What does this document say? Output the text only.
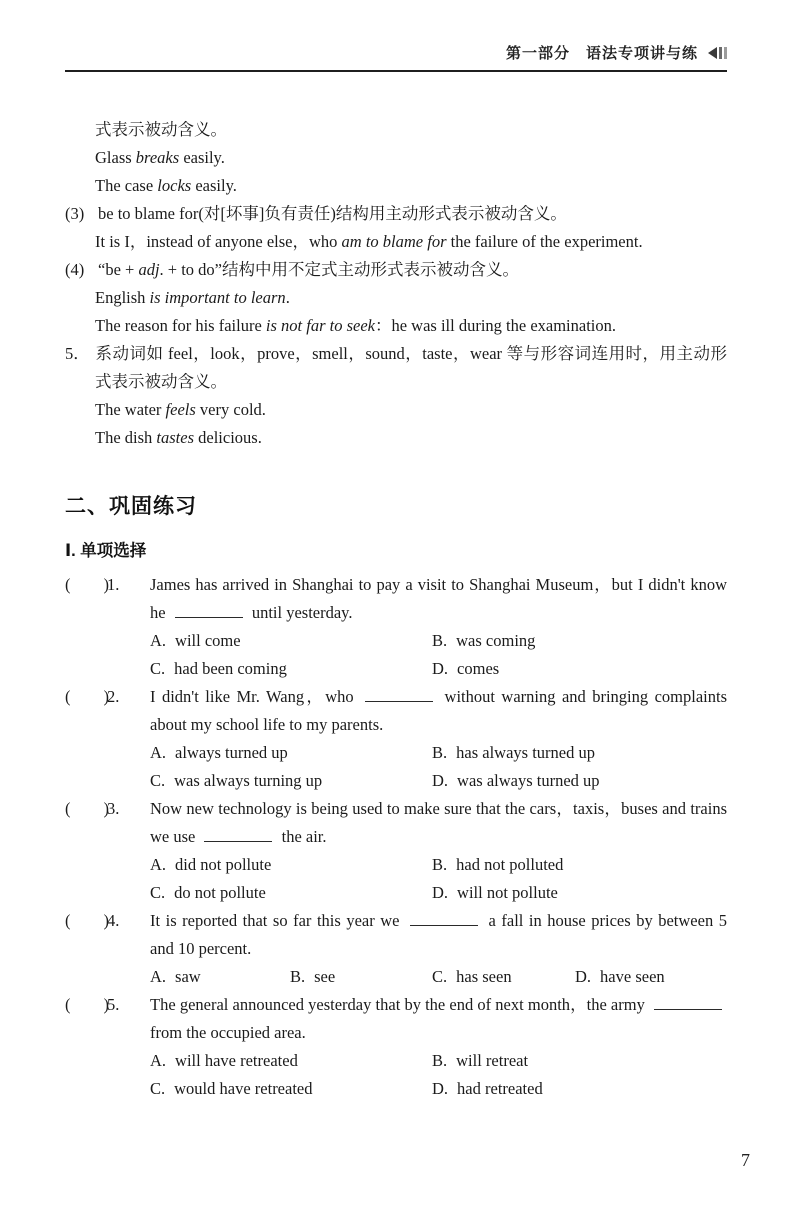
第一部分　语法专项讲与练

式表示被动含义。

Glass breaks easily.

The case locks easily.

(3) be to blame for(对[坏事]负有责任)结构用主动形式表示被动含义。

It is I，instead of anyone else，who am to blame for the failure of the experiment.

(4) “be + adj. + to do”结构中用不定式主动形式表示被动含义。

English is important to learn.

The reason for his failure is not far to seek：he was ill during the examination.

5． 系动词如 feel，look，prove，smell，sound，taste，wear 等与形容词连用时，用主动形式表示被动含义。

The water feels very cold.

The dish tastes delicious.

二、巩固练习
Ⅰ. 单项选择
(　　)
1.	James has arrived in Shanghai to pay a visit to Shanghai Museum，but I didn't know he	until yesterday.
A. will come	B. was coming
C. had been coming	D. comes
(　　)
2.	I didn't like Mr. Wang，who	without warning and bringing complaints about my school life to my parents.
A. always turned up	B. has always turned up
C. was always turning up	D. was always turned up
(　　)
3.	Now new technology is being used to make sure that the cars，taxis，buses and trains we use	the air.
A. did not pollute	B. had not polluted
C. do not pollute	D. will not pollute
(　　)
4.	It is reported that so far this year we	a fall in house prices by between 5 and 10 percent.
A. saw	B. see	C. has seen	D. have seen
(　　)
5.	The general announced yesterday that by the end of next month，the army  from the occupied area.
A. will have retreated	B. will retreat
C. would have retreated	D. had retreated
7
